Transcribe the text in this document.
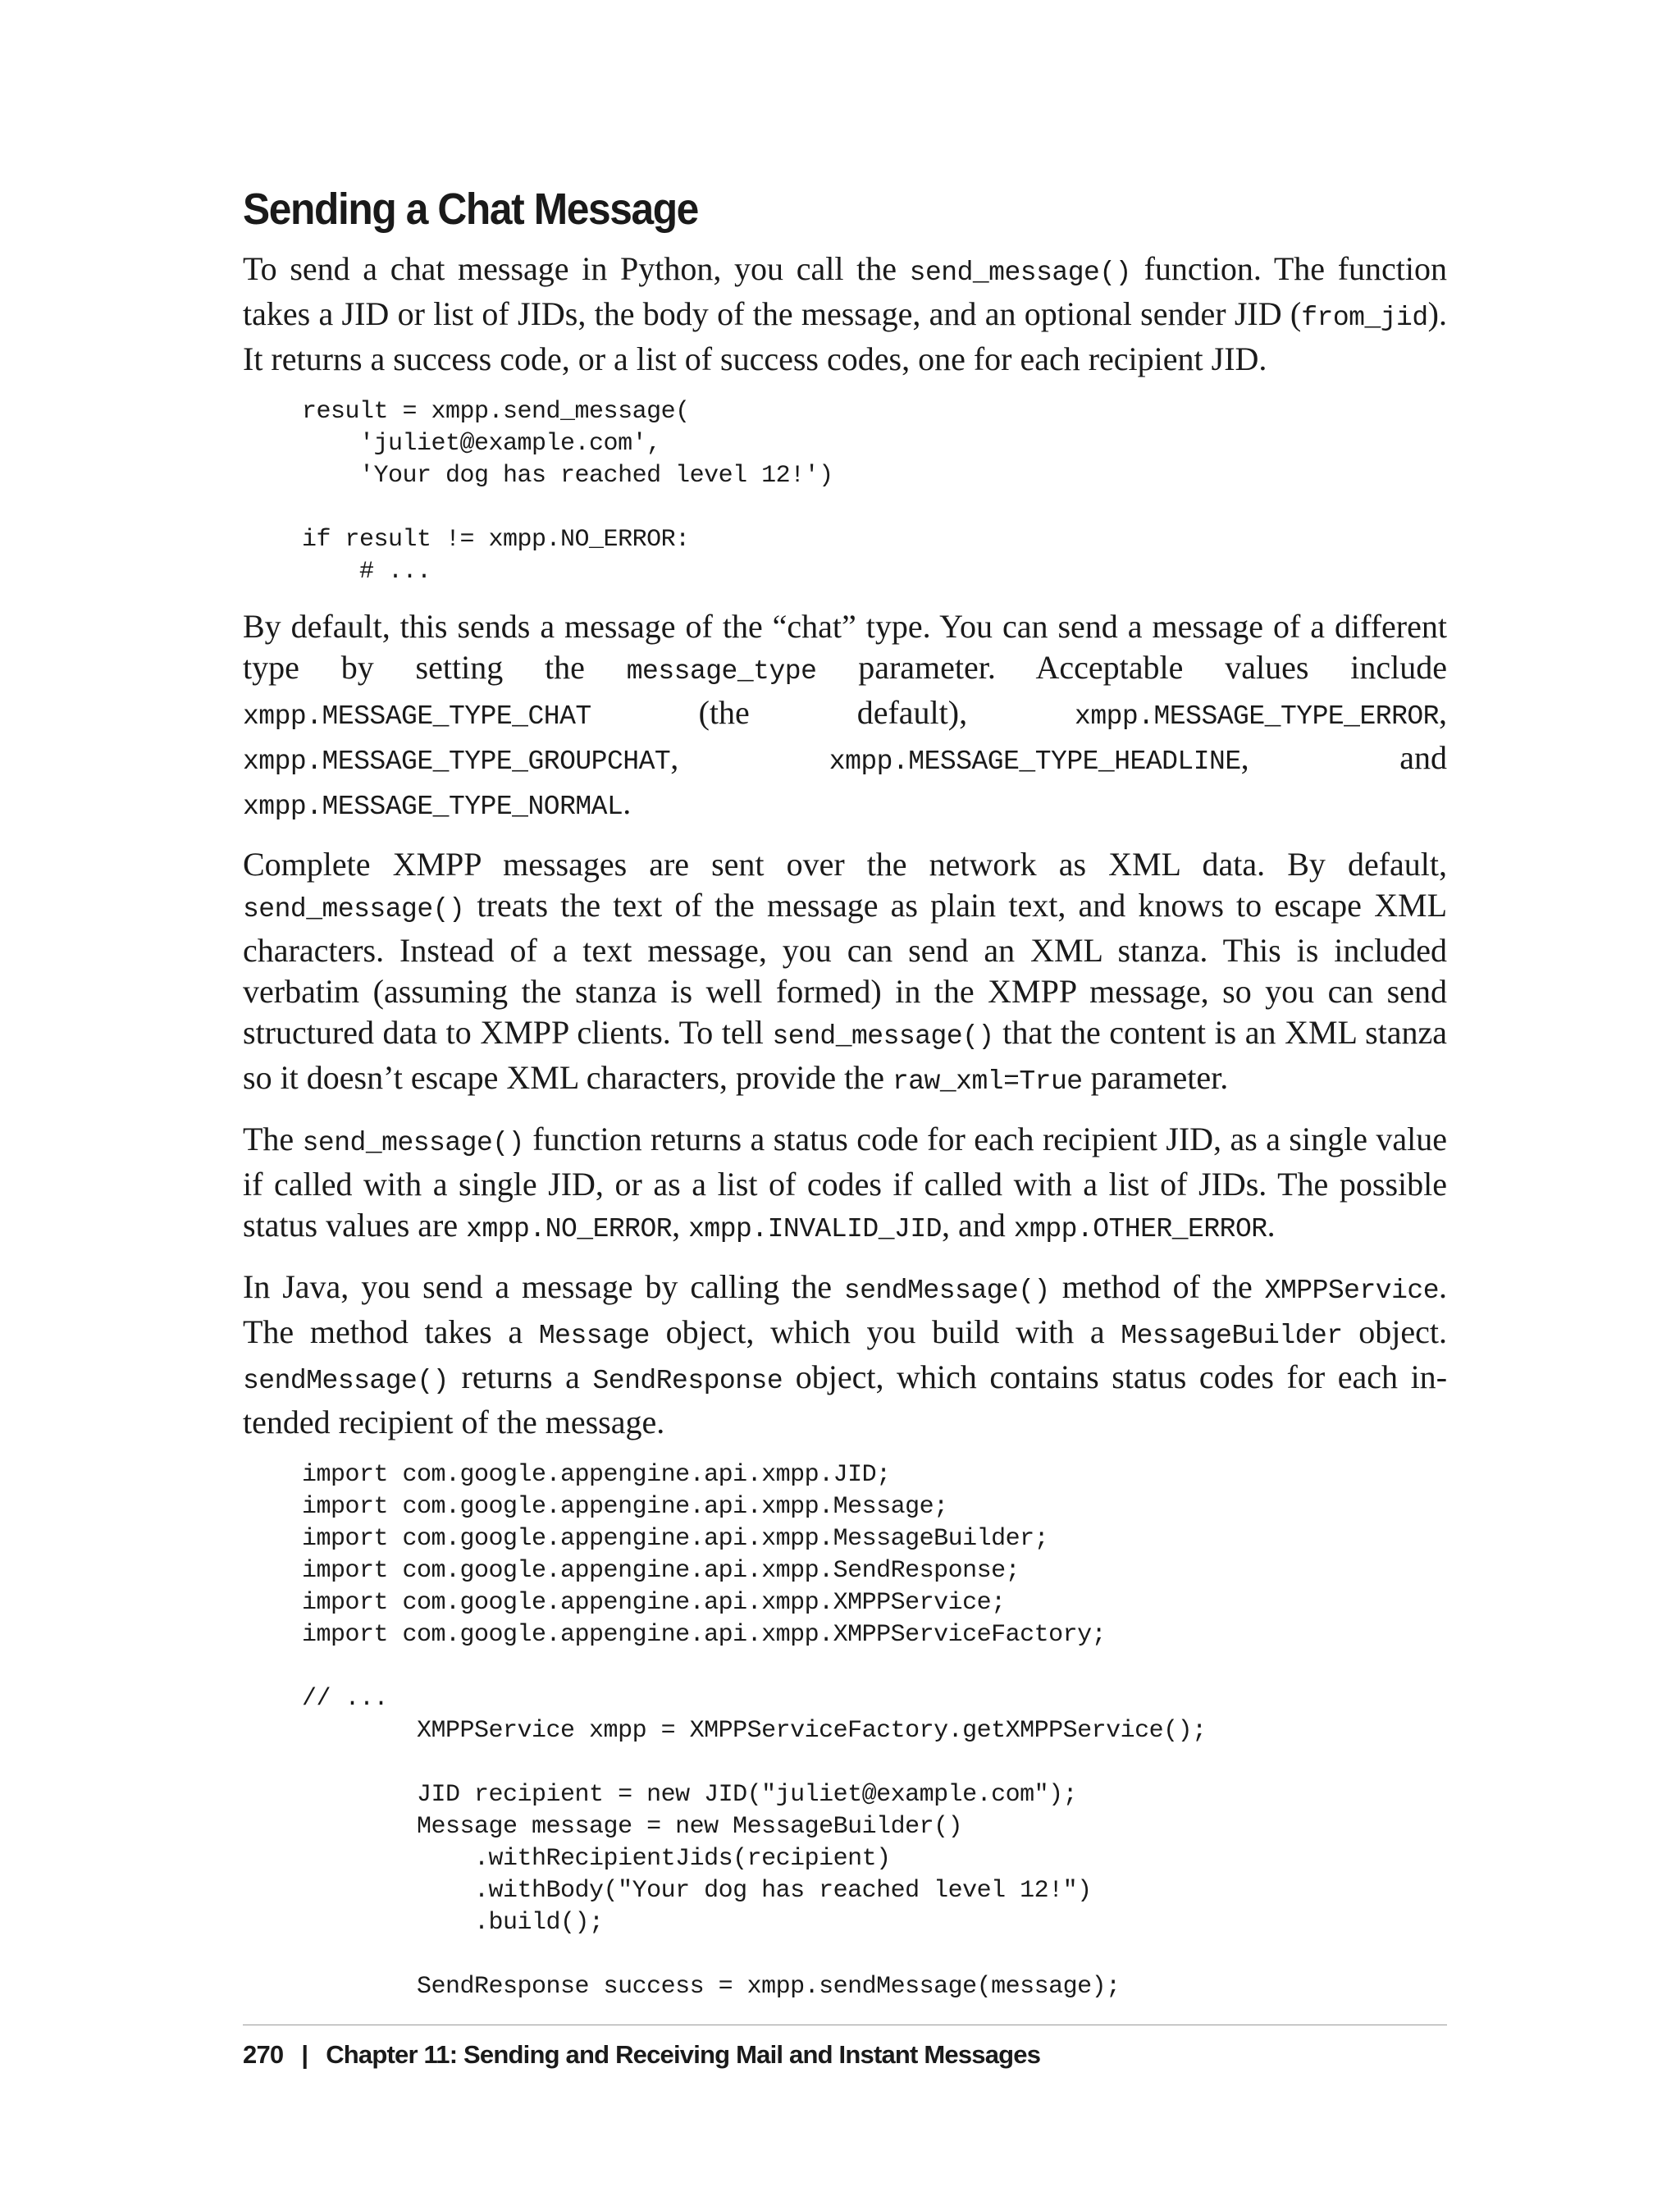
Sending a Chat Message

To send a chat message in Python, you call the send_message() function. The function takes a JID or list of JIDs, the body of the message, and an optional sender JID (from_jid). It returns a success code, or a list of success codes, one for each recipient JID.

result = xmpp.send_message(
'juliet@example.com',
'Your dog has reached level 12!')

if result != xmpp.NO_ERROR:
# ...

By default, this sends a message of the “chat” type. You can send a message of a different type by setting the message_type parameter. Acceptable values include xmpp.MESSAGE_TYPE_CHAT (the default), xmpp.MESSAGE_TYPE_ERROR, xmpp.MESSAGE_TYPE_GROUPCHAT, xmpp.MESSAGE_TYPE_HEADLINE, and xmpp.MESSAGE_TYPE_NORMAL.

Complete XMPP messages are sent over the network as XML data. By default, send_message() treats the text of the message as plain text, and knows to escape XML characters. Instead of a text message, you can send an XML stanza. This is included verbatim (assuming the stanza is well formed) in the XMPP message, so you can send structured data to XMPP clients. To tell send_message() that the content is an XML stanza so it doesn’t escape XML characters, provide the raw_xml=True parameter.

The send_message() function returns a status code for each recipient JID, as a single value if called with a single JID, or as a list of codes if called with a list of JIDs. The possible status values are xmpp.NO_ERROR, xmpp.INVALID_JID, and xmpp.OTHER_ERROR.

In Java, you send a message by calling the sendMessage() method of the XMPPService. The method takes a Message object, which you build with a MessageBuilder object. sendMessage() returns a SendResponse object, which contains status codes for each intended recipient of the message.

import com.google.appengine.api.xmpp.JID;
import com.google.appengine.api.xmpp.Message;
import com.google.appengine.api.xmpp.MessageBuilder;
import com.google.appengine.api.xmpp.SendResponse;
import com.google.appengine.api.xmpp.XMPPService;
import com.google.appengine.api.xmpp.XMPPServiceFactory;

// ...
XMPPService xmpp = XMPPServiceFactory.getXMPPService();

JID recipient = new JID("juliet@example.com");
Message message = new MessageBuilder()
.withRecipientJids(recipient)
.withBody("Your dog has reached level 12!")
.build();

SendResponse success = xmpp.sendMessage(message);
270 | Chapter 11: Sending and Receiving Mail and Instant Messages
